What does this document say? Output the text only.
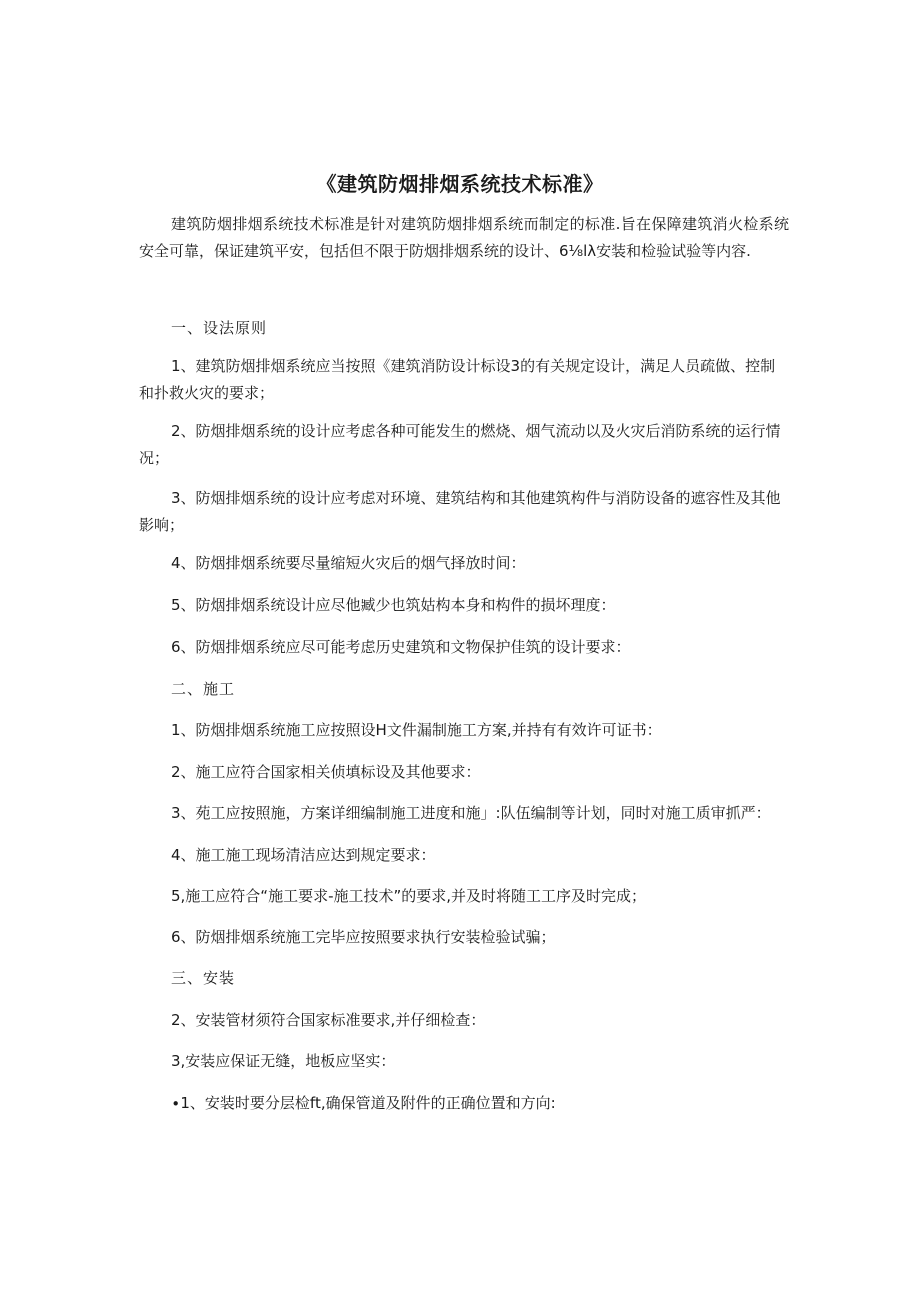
《建筑防烟排烟系统技术标准》
建筑防烟排烟系统技术标准是针对建筑防烟排烟系统而制定的标准.旨在保障建筑消火检系统安全可靠，保证建筑平安，包括但不限于防烟排烟系统的设计、6⅛lλ安装和检验试验等内容.
一、设法原则
1、建筑防烟排烟系统应当按照《建筑消防设计标设3的有关规定设计，满足人员疏做、控制和扑救火灾的要求；
2、防烟排烟系统的设计应考虑各种可能发生的燃烧、烟气流动以及火灾后消防系统的运行情况；
3、防烟排烟系统的设计应考虑对环境、建筑结构和其他建筑构件与消防设备的遮容性及其他影响；
4、防烟排烟系统要尽量缩短火灾后的烟气择放时间：
5、防烟排烟系统设计应尽他臧少也筑姑构本身和构件的损坏理度：
6、防烟排烟系统应尽可能考虑历史建筑和文物保护佳筑的设计要求：
二、施工
1、防烟排烟系统施工应按照设H文件漏制施工方案,并持有有效许可证书：
2、施工应符合国家相关侦填标设及其他要求：
3、苑工应按照施，方案详细编制施工进度和施」:队伍编制等计划，同时对施工质审抓严：
4、施工施工现场清洁应达到规定要求：
5,施工应符合“施工要求-施工技术”的要求,并及时将随工工序及时完成；
6、防烟排烟系统施工完毕应按照要求执行安装检验试骗；
三、安装
2、安装管材须符合国家标准要求,并仔细检查：
3,安装应保证无缝，地板应坚实：
∙1、安装时要分层检ft,确保管道及附件的正确位置和方向:
